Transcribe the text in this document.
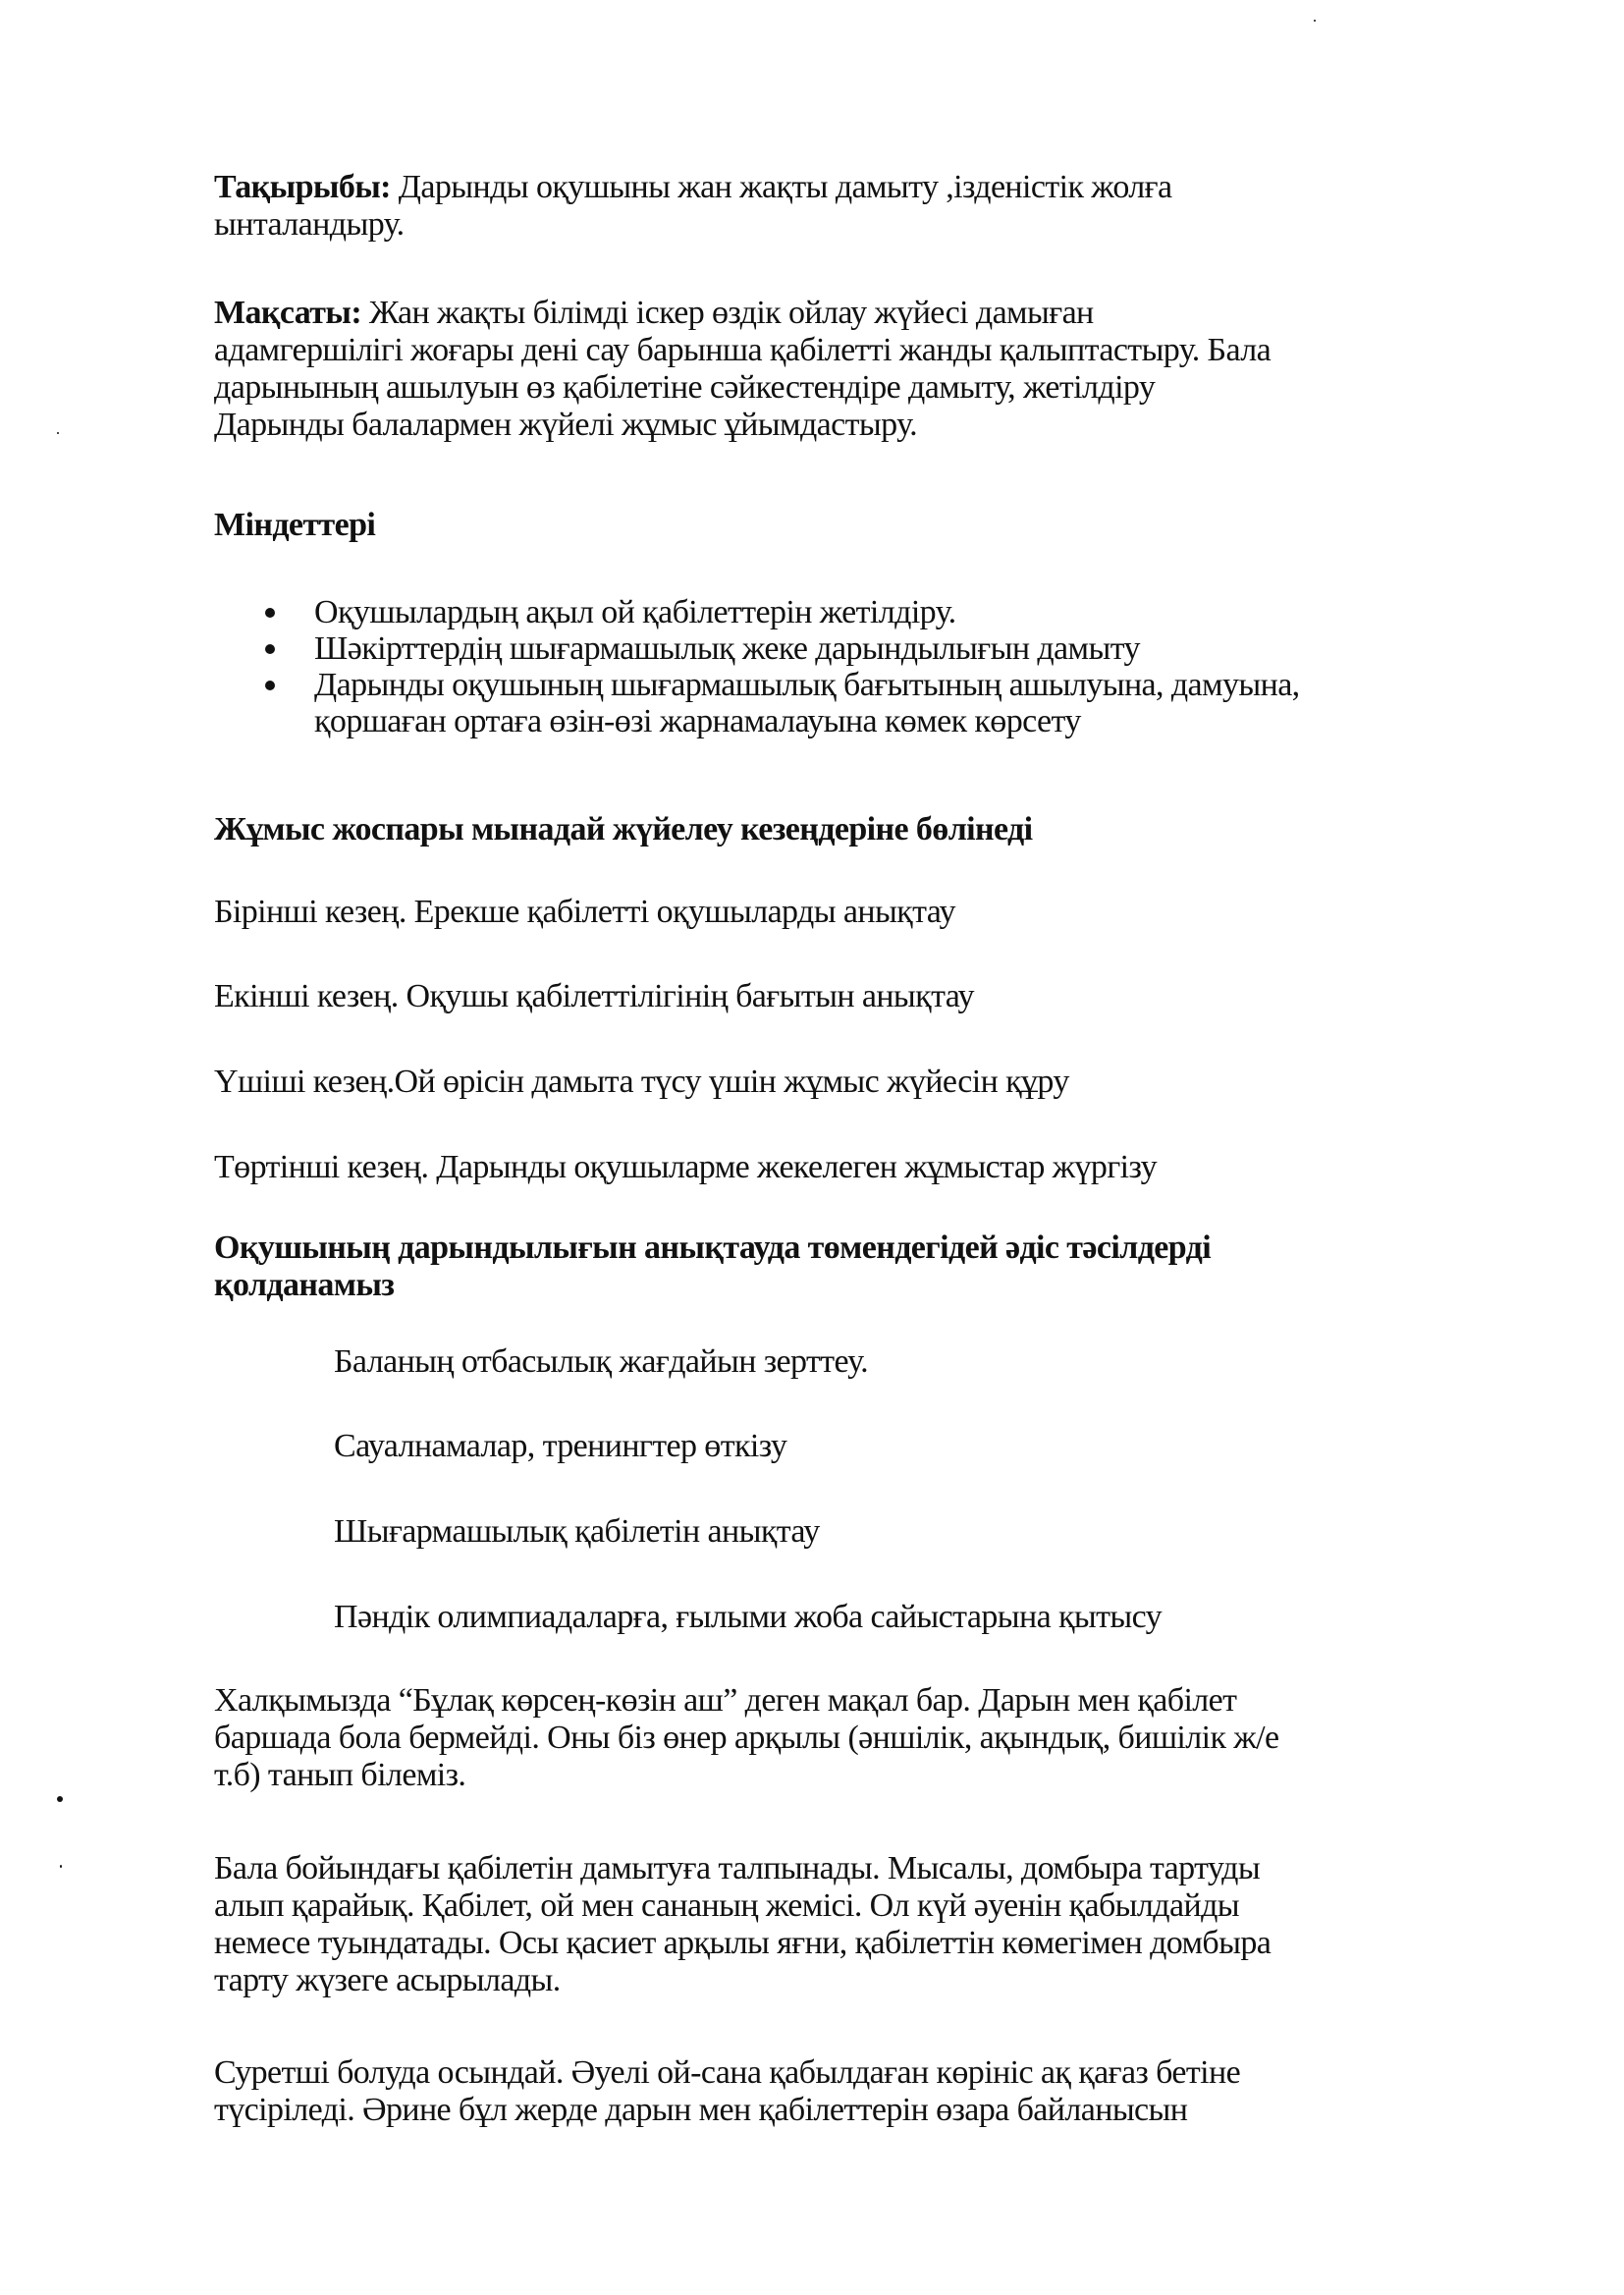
Тақырыбы: Дарынды оқушыны жан жақты дамыту ,ізденістік жолға
ынталандыру.
Мақсаты: Жан жақты білімді іскер өздік ойлау жүйесі дамыған
адамгершілігі жоғары дені сау барынша қабілетті жанды қалыптастыру. Бала
дарынының ашылуын өз қабілетіне сәйкестендіре дамыту, жетілдіру
Дарынды балалармен жүйелі жұмыс ұйымдастыру.
Міндеттері
Оқушылардың ақыл ой қабілеттерін жетілдіру.
Шәкірттердің шығармашылық жеке дарындылығын дамыту
Дарынды оқушының шығармашылық бағытының ашылуына, дамуына,
қоршаған ортаға өзін-өзі жарнамалауына көмек көрсету
Жұмыс жоспары мынадай жүйелеу кезеңдеріне бөлінеді
Бірінші кезең. Ерекше қабілетті оқушыларды анықтау
Екінші кезең. Оқушы қабілеттілігінің бағытын анықтау
Үшіші кезең.Ой өрісін дамыта түсу үшін жұмыс жүйесін құру
Төртінші кезең. Дарынды оқушыларме жекелеген жұмыстар жүргізу
Оқушының дарындылығын анықтауда төмендегідей әдіс тәсілдерді
қолданамыз
Баланың отбасылық жағдайын зерттеу.
Сауалнамалар, тренингтер өткізу
Шығармашылық қабілетін анықтау
Пәндік олимпиадаларға, ғылыми жоба сайыстарына қытысу
Халқымызда “Бұлақ көрсең-көзін аш” деген мақал бар. Дарын мен қабілет
баршада бола бермейді. Оны біз өнер арқылы (әншілік, ақындық, бишілік ж/е
т.б) танып білеміз.
Бала бойындағы қабілетін дамытуға талпынады. Мысалы, домбыра тартуды
алып қарайық. Қабілет, ой мен сананың жемісі. Ол күй әуенін қабылдайды
немесе туындатады. Осы қасиет арқылы яғни, қабілеттін көмегімен домбыра
тарту жүзеге асырылады.
Суретші болуда осындай. Әуелі ой-сана қабылдаған көрініс ақ қағаз бетіне
түсіріледі. Әрине бұл жерде дарын мен қабілеттерін өзара байланысын
